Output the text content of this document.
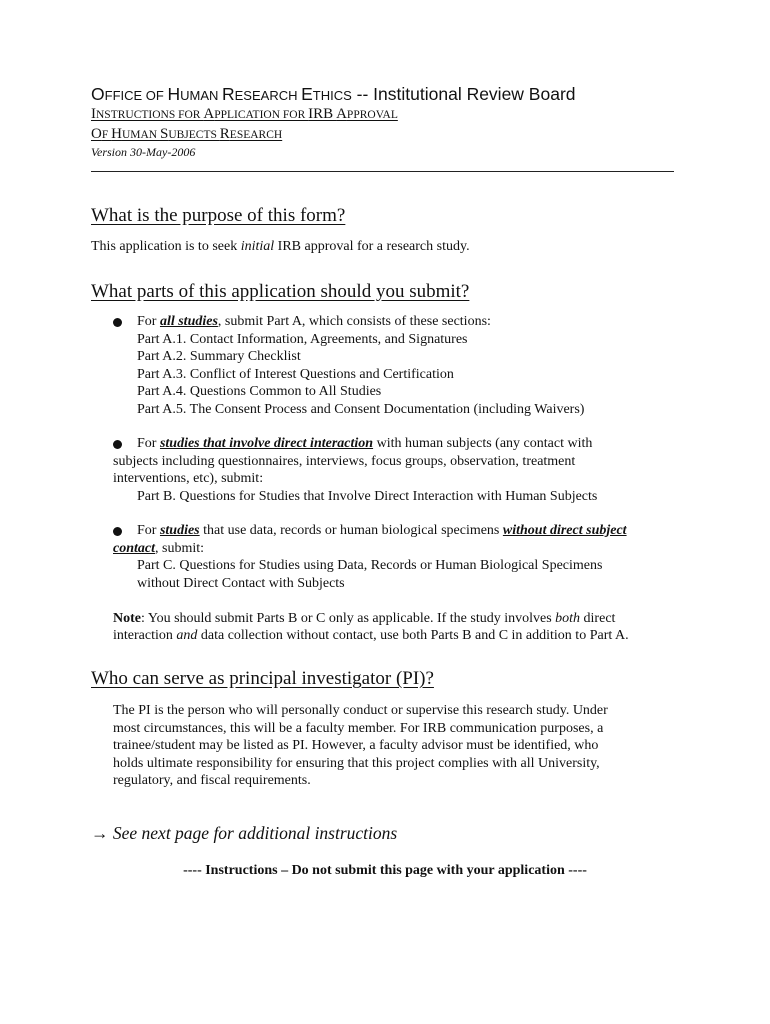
OFFICE OF HUMAN RESEARCH ETHICS -- Institutional Review Board
INSTRUCTIONS FOR APPLICATION FOR IRB APPROVAL
OF HUMAN SUBJECTS RESEARCH
Version 30-May-2006
What is the purpose of this form?
This application is to seek initial IRB approval for a research study.
What parts of this application should you submit?
For all studies, submit Part A, which consists of these sections:
Part A.1. Contact Information, Agreements, and Signatures
Part A.2. Summary Checklist
Part A.3. Conflict of Interest Questions and Certification
Part A.4. Questions Common to All Studies
Part A.5. The Consent Process and Consent Documentation (including Waivers)
For studies that involve direct interaction with human subjects (any contact with
subjects including questionnaires, interviews, focus groups, observation, treatment
interventions, etc), submit:
Part B. Questions for Studies that Involve Direct Interaction with Human Subjects
For studies that use data, records or human biological specimens without direct subject
contact, submit:
Part C. Questions for Studies using Data, Records or Human Biological Specimens
without Direct Contact with Subjects
Note: You should submit Parts B or C only as applicable. If the study involves both direct
interaction and data collection without contact, use both Parts B and C in addition to Part A.
Who can serve as principal investigator (PI)?
The PI is the person who will personally conduct or supervise this research study. Under
most circumstances, this will be a faculty member. For IRB communication purposes, a
trainee/student may be listed as PI. However, a faculty advisor must be identified, who
holds ultimate responsibility for ensuring that this project complies with all University,
regulatory, and fiscal requirements.
→ See next page for additional instructions
---- Instructions – Do not submit this page with your application ----
